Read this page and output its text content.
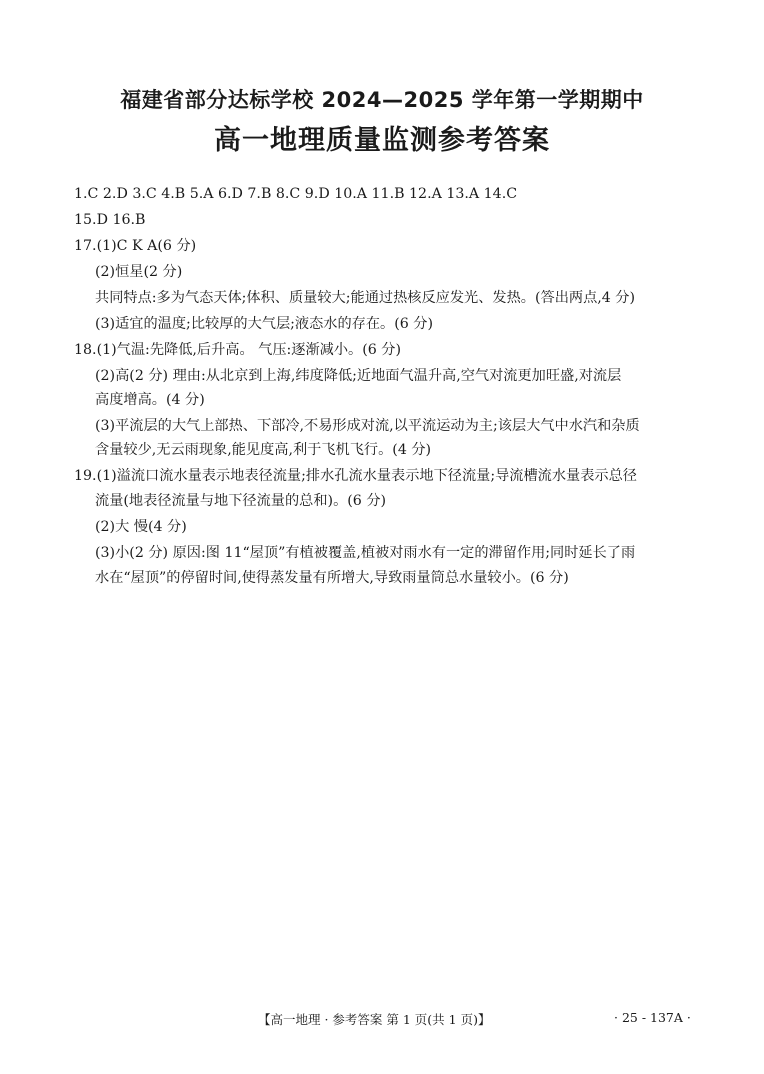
福建省部分达标学校 2024—2025 学年第一学期期中
高一地理质量监测参考答案
1.C 2.D 3.C 4.B 5.A 6.D 7.B 8.C 9.D 10.A 11.B 12.A 13.A 14.C
15.D 16.B
17.(1)C K A(6 分)
(2)恒星(2 分)
共同特点:多为气态天体;体积、质量较大;能通过热核反应发光、发热。(答出两点,4 分)
(3)适宜的温度;比较厚的大气层;液态水的存在。(6 分)
18.(1)气温:先降低,后升高。 气压:逐渐减小。(6 分)
(2)高(2 分) 理由:从北京到上海,纬度降低;近地面气温升高,空气对流更加旺盛,对流层
高度增高。(4 分)
(3)平流层的大气上部热、下部冷,不易形成对流,以平流运动为主;该层大气中水汽和杂质
含量较少,无云雨现象,能见度高,利于飞机飞行。(4 分)
19.(1)溢流口流水量表示地表径流量;排水孔流水量表示地下径流量;导流槽流水量表示总径
流量(地表径流量与地下径流量的总和)。(6 分)
(2)大 慢(4 分)
(3)小(2 分) 原因:图 11“屋顶”有植被覆盖,植被对雨水有一定的滞留作用;同时延长了雨
水在“屋顶”的停留时间,使得蒸发量有所增大,导致雨量筒总水量较小。(6 分)
【高一地理 · 参考答案 第 1 页(共 1 页)】	· 25 - 137A ·
